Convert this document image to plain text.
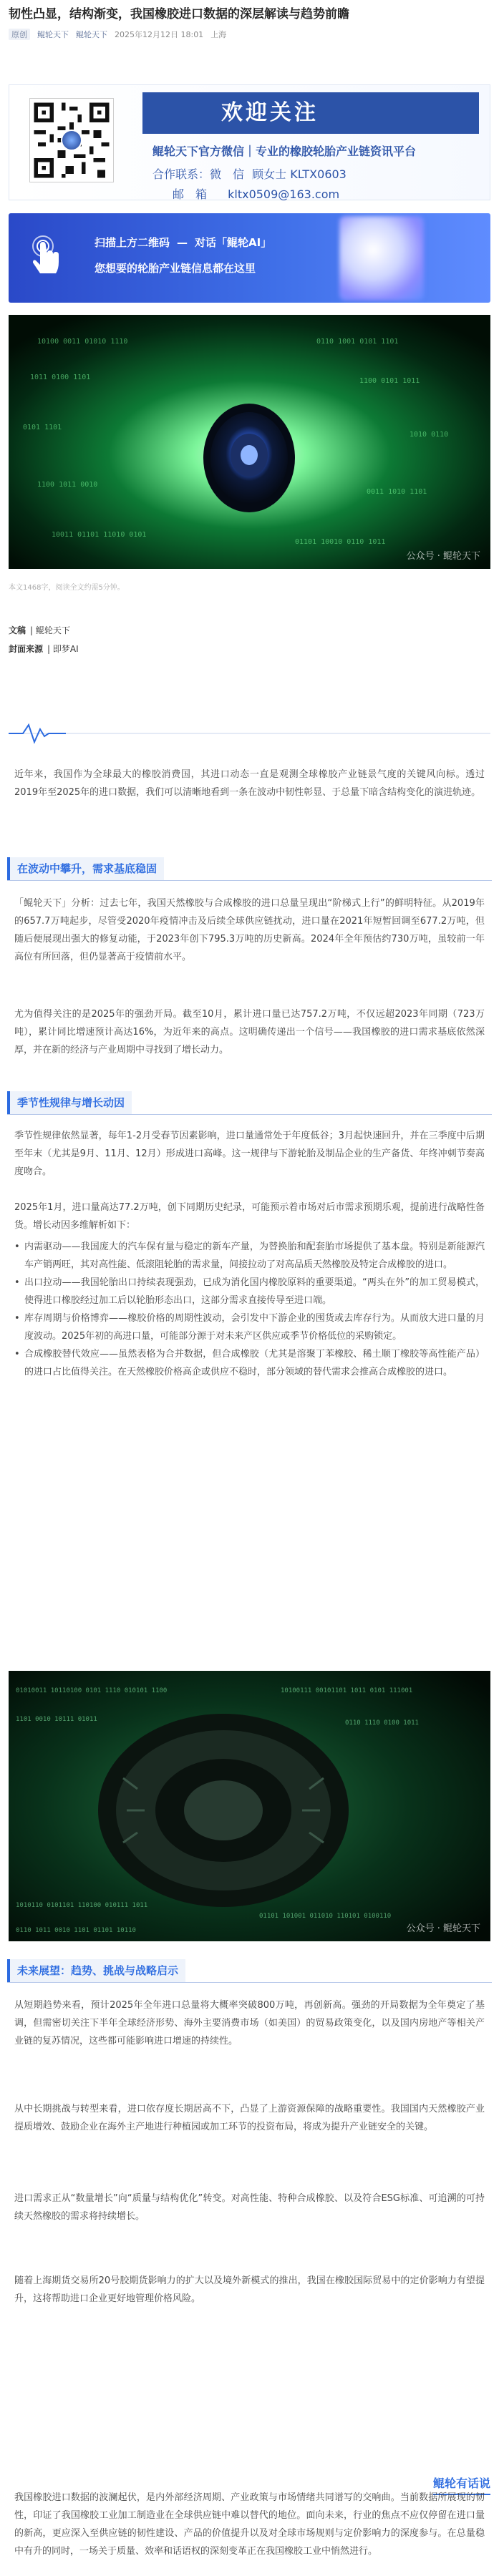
韧性凸显，结构渐变，我国橡胶进口数据的深层解读与趋势前瞻
原创	鲲轮天下 鲲轮天下 2025年12月12日 18:01 上海
欢迎关注
鲲轮天下官方微信｜专业的橡胶轮胎产业链资讯平台
合作联系：微　信 顾女士 KLTX0603
邮　箱 kltx0509@163.com
扫描上方二维码 — 对话「鲲轮AI」
您想要的轮胎产业链信息都在这里
10100 0011 01010 1110	0110 1001 0101 1101
1011 0100 1101	1100 0101 1011
0101 1101
1010 0110
1100 1011 0010
0011 1010 1101
10011 01101 11010 0101
01101 10010 0110 1011
公众号 · 鲲轮天下
本文1468字，阅读全文约需5分钟。
文稿 | 鲲轮天下
封面来源 | 即梦AI
近年来，我国作为全球最大的橡胶消费国，其进口动态一直是观测全球橡胶产业链景气度的关键风向标。透过2019年至2025年的进口数据，我们可以清晰地看到一条在波动中韧性彰显、于总量下暗含结构变化的演进轨迹。
在波动中攀升，需求基底稳固
「鲲轮天下」分析：过去七年，我国天然橡胶与合成橡胶的进口总量呈现出“阶梯式上行”的鲜明特征。从2019年的657.7万吨起步，尽管受2020年疫情冲击及后续全球供应链扰动，进口量在2021年短暂回调至677.2万吨，但随后便展现出强大的修复动能，于2023年创下795.3万吨的历史新高。2024年全年预估约730万吨，虽较前一年高位有所回落，但仍显著高于疫情前水平。
尤为值得关注的是2025年的强劲开局。截至10月，累计进口量已达757.2万吨，不仅远超2023年同期（723万吨），累计同比增速预计高达16%，为近年来的高点。这明确传递出一个信号——我国橡胶的进口需求基底依然深厚，并在新的经济与产业周期中寻找到了增长动力。
季节性规律与增长动因
季节性规律依然显著，每年1-2月受春节因素影响，进口量通常处于年度低谷；3月起快速回升，并在三季度中后期至年末（尤其是9月、11月、12月）形成进口高峰。这一规律与下游轮胎及制品企业的生产备货、年终冲刺节奏高度吻合。
2025年1月，进口量高达77.2万吨，创下同期历史纪录，可能预示着市场对后市需求预期乐观，提前进行战略性备货。增长动因多维解析如下：
• 内需驱动——我国庞大的汽车保有量与稳定的新车产量，为替换胎和配套胎市场提供了基本盘。特别是新能源汽车产销两旺，其对高性能、低滚阻轮胎的需求量，间接拉动了对高品质天然橡胶及特定合成橡胶的进口。
• 出口拉动——我国轮胎出口持续表现强劲，已成为消化国内橡胶原料的重要渠道。“两头在外”的加工贸易模式，使得进口橡胶经过加工后以轮胎形态出口，这部分需求直接传导至进口端。
• 库存周期与价格博弈——橡胶价格的周期性波动，会引发中下游企业的囤货或去库存行为。从而放大进口量的月度波动。2025年初的高进口量，可能部分源于对未来产区供应或季节价格低位的采购锁定。
• 合成橡胶替代效应——虽然表格为合并数据，但合成橡胶（尤其是溶聚丁苯橡胶、稀土顺丁橡胶等高性能产品）的进口占比值得关注。在天然橡胶价格高企或供应不稳时，部分领域的替代需求会推高合成橡胶的进口。
01010011 10110100 0101 1110 010101 1100	10100111 00101101 1011 0101 111001
1101 0010 10111 01011	0110 1110 0100 1011
1010110 0101101 110100 010111 1011
01101 101001 011010 110101 0100110
0110 1011 0010 1101 01101 10110	公众号 · 鲲轮天下
未来展望：趋势、挑战与战略启示
从短期趋势来看，预计2025年全年进口总量将大概率突破800万吨，再创新高。强劲的开局数据为全年奠定了基调，但需密切关注下半年全球经济形势、海外主要消费市场（如美国）的贸易政策变化，以及国内房地产等相关产业链的复苏情况，这些都可能影响进口增速的持续性。
从中长期挑战与转型来看，进口依存度长期居高不下，凸显了上游资源保障的战略重要性。我国国内天然橡胶产业提质增效、鼓励企业在海外主产地进行种植园或加工环节的投资布局，将成为提升产业链安全的关键。
进口需求正从“数量增长”向“质量与结构优化”转变。对高性能、特种合成橡胶、以及符合ESG标准、可追溯的可持续天然橡胶的需求将持续增长。
随着上海期货交易所20号胶期货影响力的扩大以及境外新模式的推出，我国在橡胶国际贸易中的定价影响力有望提升，这将帮助进口企业更好地管理价格风险。
鲲轮有话说
我国橡胶进口数据的波澜起伏，是内外部经济周期、产业政策与市场情绪共同谱写的交响曲。当前数据所展现的韧性，印证了我国橡胶工业加工制造业在全球供应链中难以替代的地位。面向未来，行业的焦点不应仅停留在进口量的新高，更应深入至供应链的韧性建设、产品的价值提升以及对全球市场规则与定价影响力的深度参与。在总量稳中有升的同时，一场关于质量、效率和话语权的深刻变革正在我国橡胶工业中悄然进行。
